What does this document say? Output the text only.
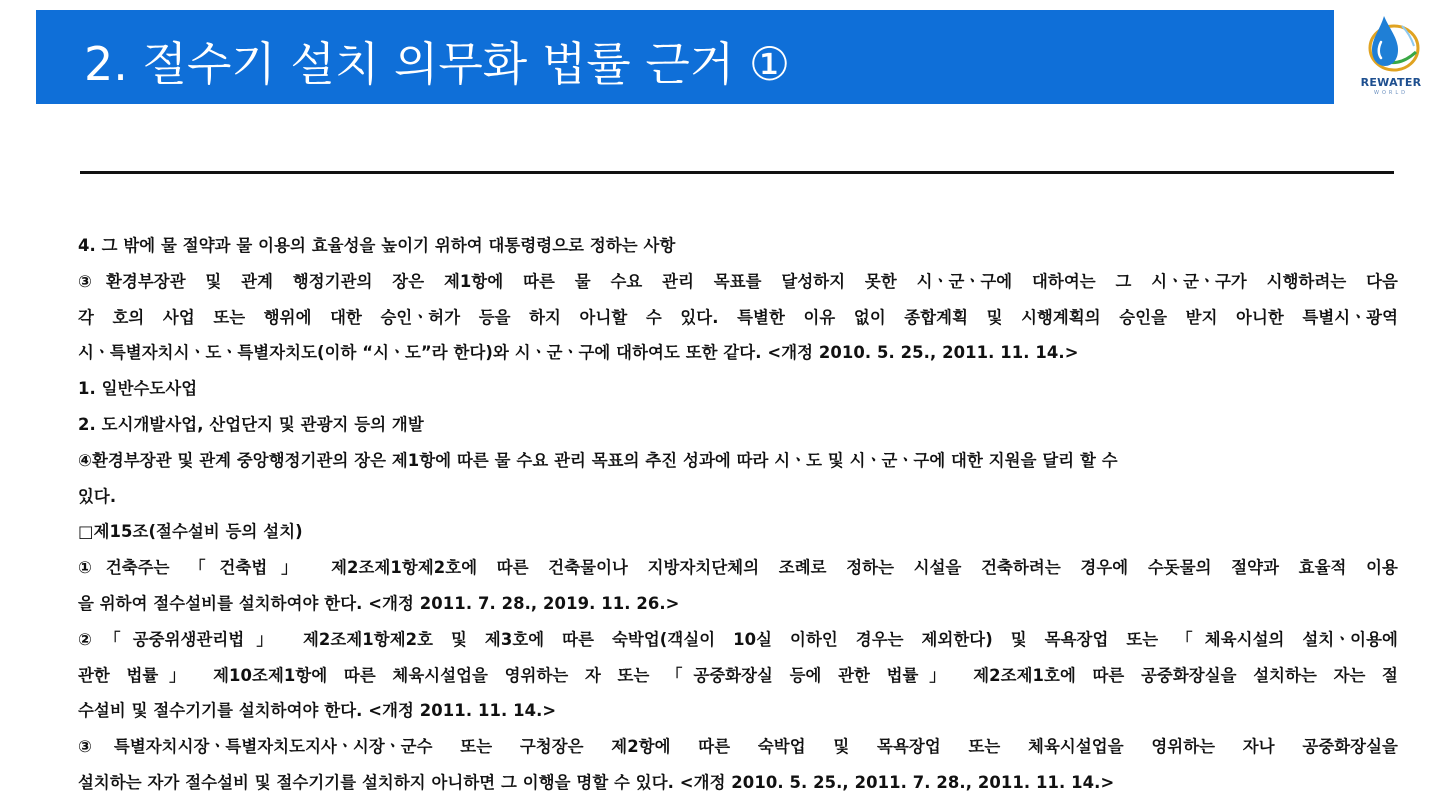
2. 절수기 설치 의무화 법률 근거 ①	REWATER
WORLD
4. 그 밖에 물 절약과 물 이용의 효율성을 높이기 위하여 대통령령으로 정하는 사항
③환경부장관 및 관계 행정기관의 장은 제1항에 따른 물 수요 관리 목표를 달성하지 못한 시ㆍ군ㆍ구에 대하여는 그 시ㆍ군ㆍ구가 시행하려는 다음
각 호의 사업 또는 행위에 대한 승인ㆍ허가 등을 하지 아니할 수 있다. 특별한 이유 없이 종합계획 및 시행계획의 승인을 받지 아니한 특별시ㆍ광역
시ㆍ특별자치시ㆍ도ㆍ특별자치도(이하 “시ㆍ도”라 한다)와 시ㆍ군ㆍ구에 대하여도 또한 같다. <개정 2010. 5. 25., 2011. 11. 14.>
1. 일반수도사업
2. 도시개발사업, 산업단지 및 관광지 등의 개발
④환경부장관 및 관계 중앙행정기관의 장은 제1항에 따른 물 수요 관리 목표의 추진 성과에 따라 시ㆍ도 및 시ㆍ군ㆍ구에 대한 지원을 달리 할 수
있다.
□제15조(절수설비 등의 설치)
①건축주는 「건축법」 제2조제1항제2호에 따른 건축물이나 지방자치단체의 조례로 정하는 시설을 건축하려는 경우에 수돗물의 절약과 효율적 이용
을 위하여 절수설비를 설치하여야 한다. <개정 2011. 7. 28., 2019. 11. 26.>
②「공중위생관리법」 제2조제1항제2호 및 제3호에 따른 숙박업(객실이 10실 이하인 경우는 제외한다) 및 목욕장업 또는 「체육시설의 설치ㆍ이용에
관한 법률」 제10조제1항에 따른 체육시설업을 영위하는 자 또는 「공중화장실 등에 관한 법률」 제2조제1호에 따른 공중화장실을 설치하는 자는 절
수설비 및 절수기기를 설치하여야 한다. <개정 2011. 11. 14.>
③특별자치시장ㆍ특별자치도지사ㆍ시장ㆍ군수 또는 구청장은 제2항에 따른 숙박업 및 목욕장업 또는 체육시설업을 영위하는 자나 공중화장실을
설치하는 자가 절수설비 및 절수기기를 설치하지 아니하면 그 이행을 명할 수 있다. <개정 2010. 5. 25., 2011. 7. 28., 2011. 11. 14.>
